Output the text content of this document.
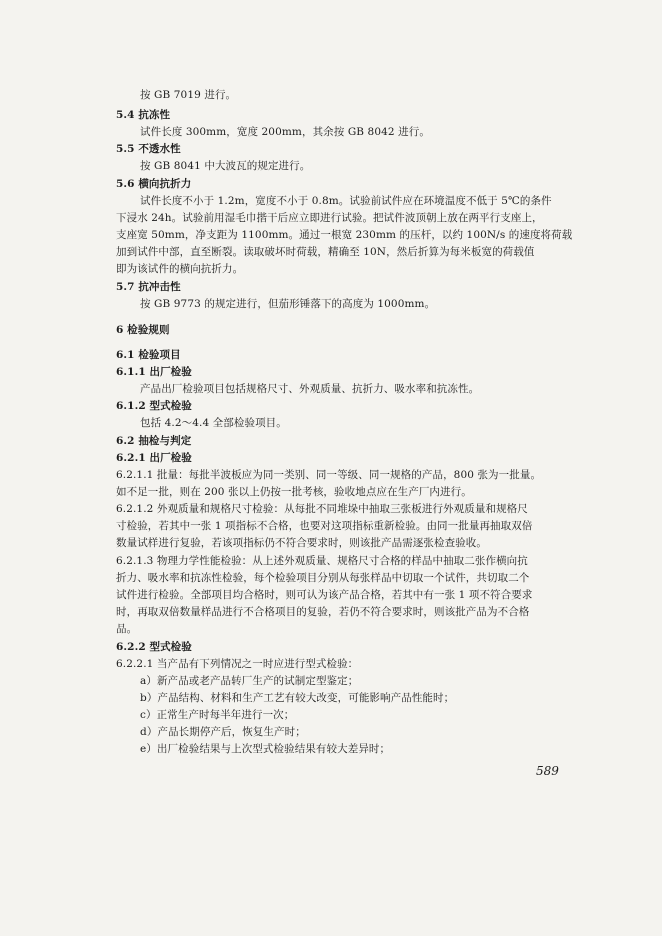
按 GB 7019 进行。
5.4 抗冻性
试件长度 300mm，宽度 200mm，其余按 GB 8042 进行。
5.5 不透水性
按 GB 8041 中大波瓦的规定进行。
5.6 横向抗折力
试件长度不小于 1.2m，宽度不小于 0.8m。试验前试件应在环境温度不低于 5℃的条件
下浸水 24h。试验前用湿毛巾揩干后应立即进行试验。把试件波顶朝上放在两平行支座上，
支座宽 50mm，净支距为 1100mm。通过一根宽 230mm 的压杆，以约 100N/s 的速度将荷载
加到试件中部，直至断裂。读取破坏时荷载，精确至 10N，然后折算为每米板宽的荷载值
即为该试件的横向抗折力。
5.7 抗冲击性
按 GB 9773 的规定进行，但茄形锤落下的高度为 1000mm。
6 检验规则
6.1 检验项目
6.1.1 出厂检验
产品出厂检验项目包括规格尺寸、外观质量、抗折力、吸水率和抗冻性。
6.1.2 型式检验
包括 4.2～4.4 全部检验项目。
6.2 抽检与判定
6.2.1 出厂检验
6.2.1.1 批量：每批半波板应为同一类别、同一等级、同一规格的产品，800 张为一批量。
如不足一批，则在 200 张以上仍按一批考核，验收地点应在生产厂内进行。
6.2.1.2 外观质量和规格尺寸检验：从每批不同堆垛中抽取三张板进行外观质量和规格尺
寸检验，若其中一张 1 项指标不合格，也要对这项指标重新检验。由同一批量再抽取双倍
数量试样进行复验，若该项指标仍不符合要求时，则该批产品需逐张检查验收。
6.2.1.3 物理力学性能检验：从上述外观质量、规格尺寸合格的样品中抽取二张作横向抗
折力、吸水率和抗冻性检验，每个检验项目分别从每张样品中切取一个试件，共切取二个
试件进行检验。全部项目均合格时，则可认为该产品合格，若其中有一张 1 项不符合要求
时，再取双倍数量样品进行不合格项目的复验，若仍不符合要求时，则该批产品为不合格
品。
6.2.2 型式检验
6.2.2.1 当产品有下列情况之一时应进行型式检验：
a）新产品或老产品转厂生产的试制定型鉴定；
b）产品结构、材料和生产工艺有较大改变，可能影响产品性能时；
c）正常生产时每半年进行一次；
d）产品长期停产后，恢复生产时；
e）出厂检验结果与上次型式检验结果有较大差异时；
589
